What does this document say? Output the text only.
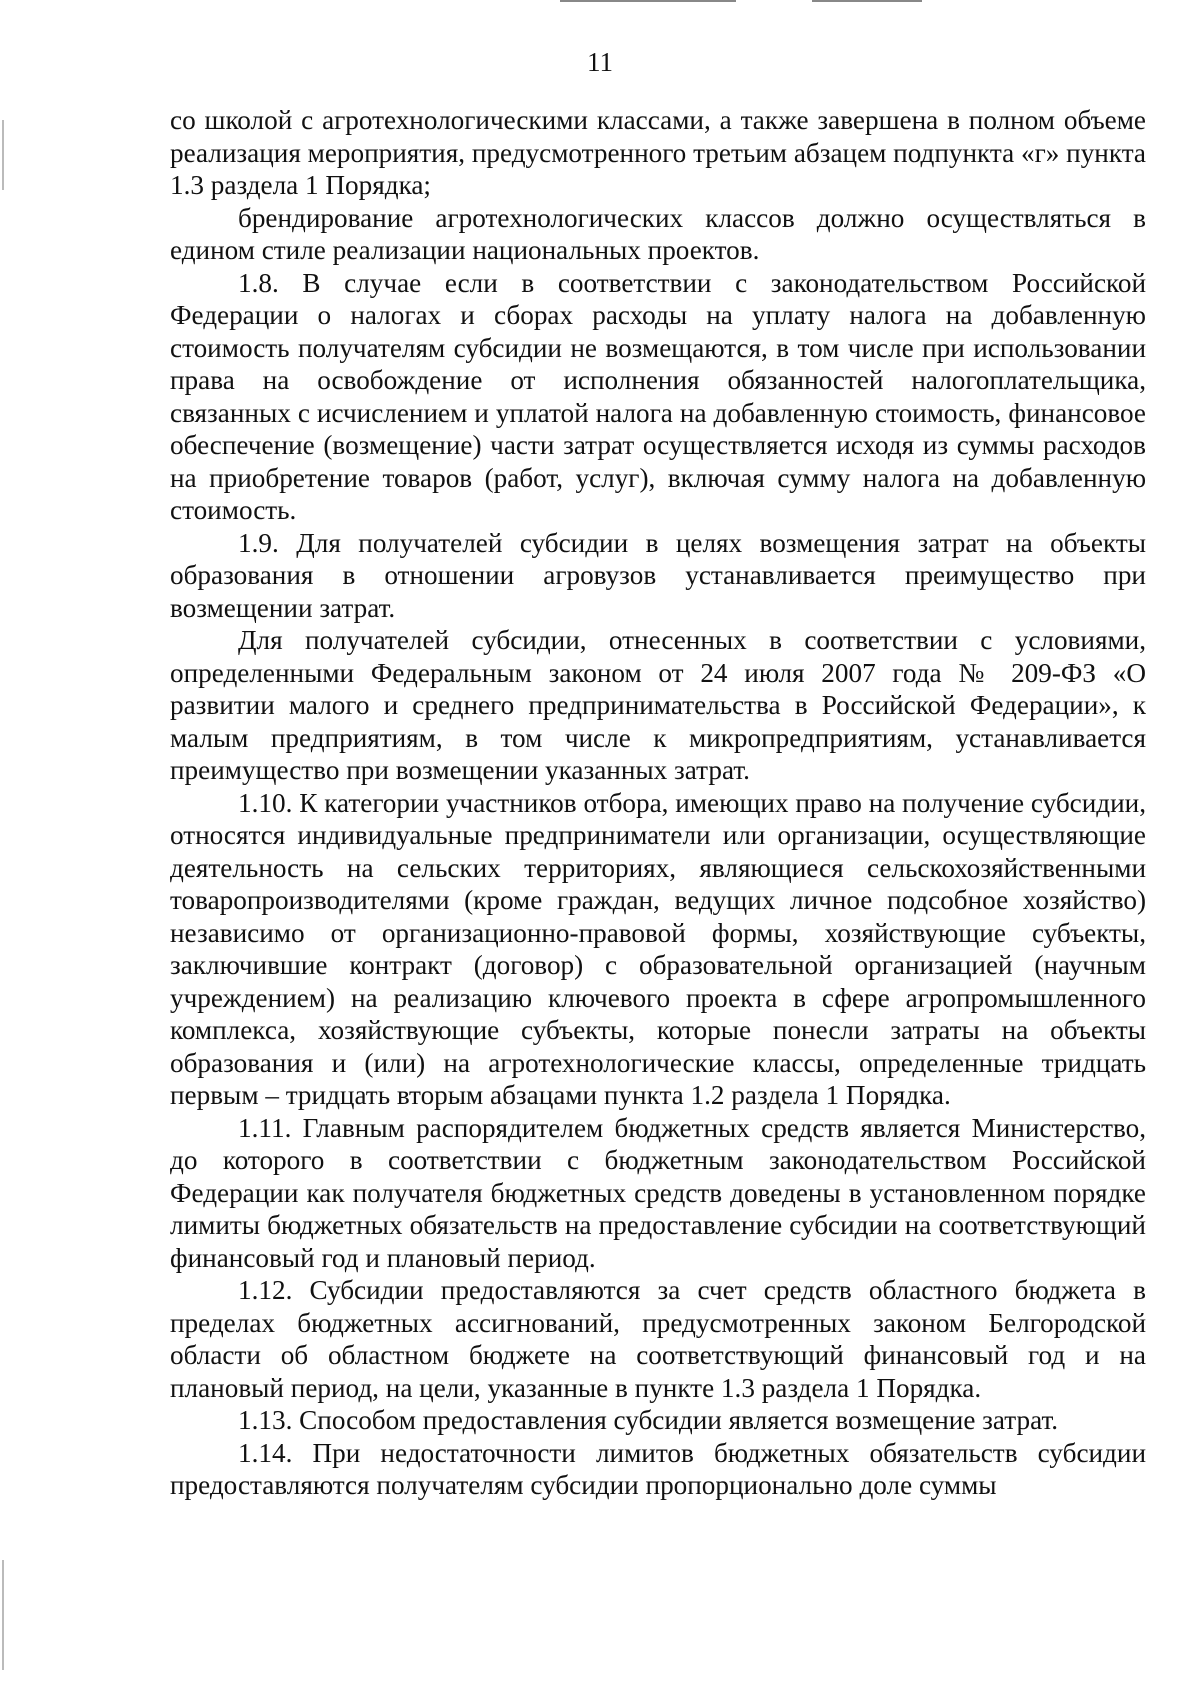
11

со школой с агротехнологическими классами, а также завершена в полном объеме реализация мероприятия, предусмотренного третьим абзацем подпункта «г» пункта 1.3 раздела 1 Порядка;

брендирование агротехнологических классов должно осуществляться в едином стиле реализации национальных проектов.

1.8. В случае если в соответствии с законодательством Российской Федерации о налогах и сборах расходы на уплату налога на добавленную стоимость получателям субсидии не возмещаются, в том числе при использовании права на освобождение от исполнения обязанностей налогоплательщика, связанных с исчислением и уплатой налога на добавленную стоимость, финансовое обеспечение (возмещение) части затрат осуществляется исходя из суммы расходов на приобретение товаров (работ, услуг), включая сумму налога на добавленную стоимость.

1.9. Для получателей субсидии в целях возмещения затрат на объекты образования в отношении агровузов устанавливается преимущество при возмещении затрат.

Для получателей субсидии, отнесенных в соответствии с условиями, определенными Федеральным законом от 24 июля 2007 года № 209-ФЗ «О развитии малого и среднего предпринимательства в Российской Федерации», к малым предприятиям, в том числе к микропредприятиям, устанавливается преимущество при возмещении указанных затрат.

1.10. К категории участников отбора, имеющих право на получение субсидии, относятся индивидуальные предприниматели или организации, осуществляющие деятельность на сельских территориях, являющиеся сельскохозяйственными товаропроизводителями (кроме граждан, ведущих личное подсобное хозяйство) независимо от организационно-правовой формы, хозяйствующие субъекты, заключившие контракт (договор) с образовательной организацией (научным учреждением) на реализацию ключевого проекта в сфере агропромышленного комплекса, хозяйствующие субъекты, которые понесли затраты на объекты образования и (или) на агротехнологические классы, определенные тридцать первым – тридцать вторым абзацами пункта 1.2 раздела 1 Порядка.

1.11. Главным распорядителем бюджетных средств является Министерство, до которого в соответствии с бюджетным законодательством Российской Федерации как получателя бюджетных средств доведены в установленном порядке лимиты бюджетных обязательств на предоставление субсидии на соответствующий финансовый год и плановый период.

1.12. Субсидии предоставляются за счет средств областного бюджета в пределах бюджетных ассигнований, предусмотренных законом Белгородской области об областном бюджете на соответствующий финансовый год и на плановый период, на цели, указанные в пункте 1.3 раздела 1 Порядка.

1.13. Способом предоставления субсидии является возмещение затрат.

1.14. При недостаточности лимитов бюджетных обязательств субсидии предоставляются получателям субсидии пропорционально доле суммы
